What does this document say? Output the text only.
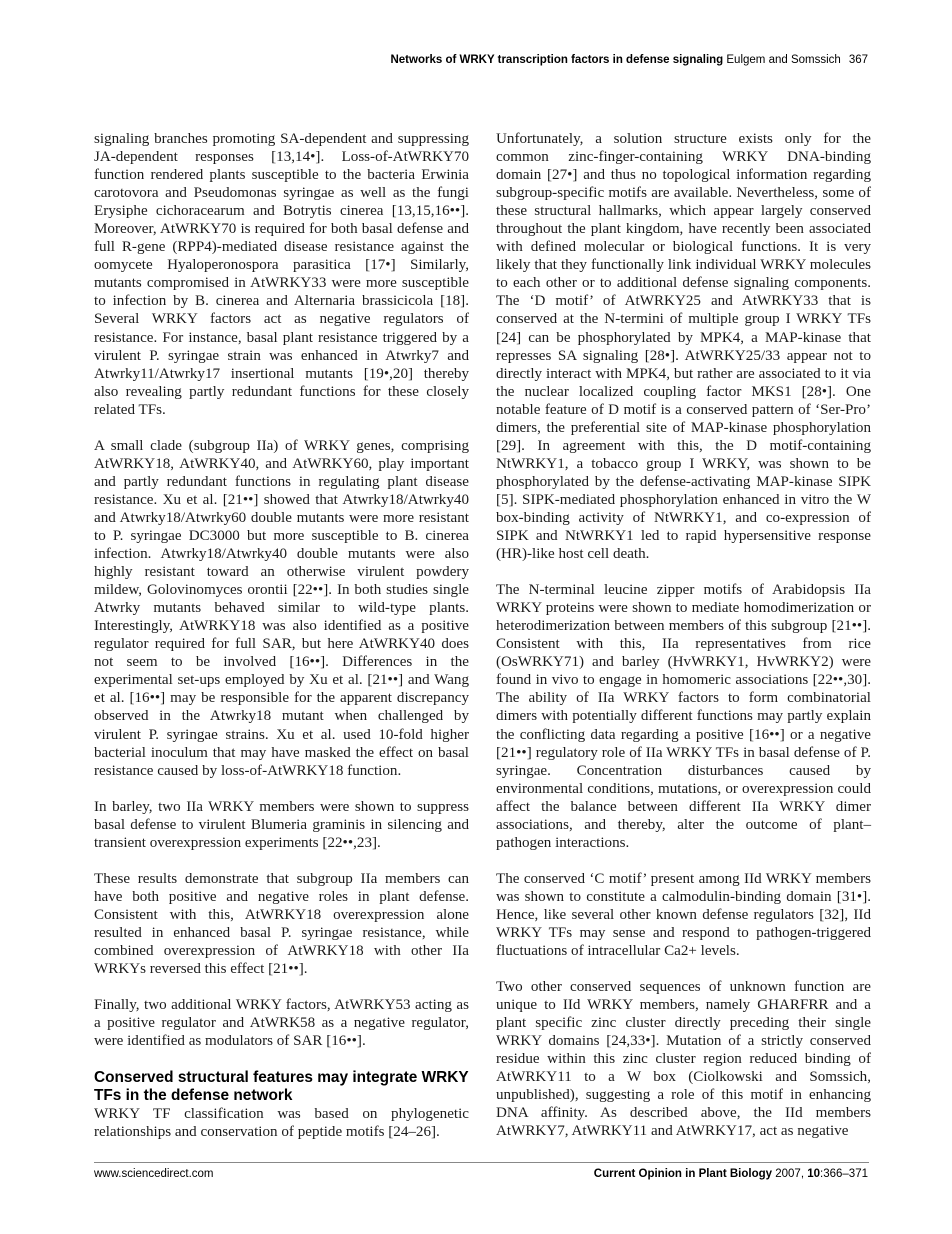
Networks of WRKY transcription factors in defense signaling Eulgem and Somssich 367

signaling branches promoting SA-dependent and suppressing JA-dependent responses [13,14•]. Loss-of-AtWRKY70 function rendered plants susceptible to the bacteria Erwinia carotovora and Pseudomonas syringae as well as the fungi Erysiphe cichoracearum and Botrytis cinerea [13,15,16••]. Moreover, AtWRKY70 is required for both basal defense and full R-gene (RPP4)-mediated disease resistance against the oomycete Hyaloperonospora parasitica [17•] Similarly, mutants compromised in AtWRKY33 were more susceptible to infection by B. cinerea and Alternaria brassicicola [18]. Several WRKY factors act as negative regulators of resistance. For instance, basal plant resistance triggered by a virulent P. syringae strain was enhanced in Atwrky7 and Atwrky11/Atwrky17 insertional mutants [19•,20] thereby also revealing partly redundant functions for these closely related TFs.

A small clade (subgroup IIa) of WRKY genes, comprising AtWRKY18, AtWRKY40, and AtWRKY60, play important and partly redundant functions in regulating plant disease resistance. Xu et al. [21••] showed that Atwrky18/Atwrky40 and Atwrky18/Atwrky60 double mutants were more resistant to P. syringae DC3000 but more susceptible to B. cinerea infection. Atwrky18/Atwrky40 double mutants were also highly resistant toward an otherwise virulent powdery mildew, Golovinomyces orontii [22••]. In both studies single Atwrky mutants behaved similar to wild-type plants. Interestingly, AtWRKY18 was also identified as a positive regulator required for full SAR, but here AtWRKY40 does not seem to be involved [16••]. Differences in the experimental set-ups employed by Xu et al. [21••] and Wang et al. [16••] may be responsible for the apparent discrepancy observed in the Atwrky18 mutant when challenged by virulent P. syringae strains. Xu et al. used 10-fold higher bacterial inoculum that may have masked the effect on basal resistance caused by loss-of-AtWRKY18 function.

In barley, two IIa WRKY members were shown to suppress basal defense to virulent Blumeria graminis in silencing and transient overexpression experiments [22••,23].

These results demonstrate that subgroup IIa members can have both positive and negative roles in plant defense. Consistent with this, AtWRKY18 overexpression alone resulted in enhanced basal P. syringae resistance, while combined overexpression of AtWRKY18 with other IIa WRKYs reversed this effect [21••].

Finally, two additional WRKY factors, AtWRKY53 acting as a positive regulator and AtWRK58 as a negative regulator, were identified as modulators of SAR [16••].

Conserved structural features may integrate WRKY TFs in the defense network

WRKY TF classification was based on phylogenetic relationships and conservation of peptide motifs [24–26].

Unfortunately, a solution structure exists only for the common zinc-finger-containing WRKY DNA-binding domain [27•] and thus no topological information regarding subgroup-specific motifs are available. Nevertheless, some of these structural hallmarks, which appear largely conserved throughout the plant kingdom, have recently been associated with defined molecular or biological functions. It is very likely that they functionally link individual WRKY molecules to each other or to additional defense signaling components. The ‘D motif’ of AtWRKY25 and AtWRKY33 that is conserved at the N-termini of multiple group I WRKY TFs [24] can be phosphorylated by MPK4, a MAP-kinase that represses SA signaling [28•]. AtWRKY25/33 appear not to directly interact with MPK4, but rather are associated to it via the nuclear localized coupling factor MKS1 [28•]. One notable feature of D motif is a conserved pattern of ‘Ser-Pro’ dimers, the preferential site of MAP-kinase phosphorylation [29]. In agreement with this, the D motif-containing NtWRKY1, a tobacco group I WRKY, was shown to be phosphorylated by the defense-activating MAP-kinase SIPK [5]. SIPK-mediated phosphorylation enhanced in vitro the W box-binding activity of NtWRKY1, and co-expression of SIPK and NtWRKY1 led to rapid hypersensitive response (HR)-like host cell death.

The N-terminal leucine zipper motifs of Arabidopsis IIa WRKY proteins were shown to mediate homodimerization or heterodimerization between members of this subgroup [21••]. Consistent with this, IIa representatives from rice (OsWRKY71) and barley (HvWRKY1, HvWRKY2) were found in vivo to engage in homomeric associations [22••,30]. The ability of IIa WRKY factors to form combinatorial dimers with potentially different functions may partly explain the conflicting data regarding a positive [16••] or a negative [21••] regulatory role of IIa WRKY TFs in basal defense of P. syringae. Concentration disturbances caused by environmental conditions, mutations, or overexpression could affect the balance between different IIa WRKY dimer associations, and thereby, alter the outcome of plant–pathogen interactions.

The conserved ‘C motif’ present among IId WRKY members was shown to constitute a calmodulin-binding domain [31•]. Hence, like several other known defense regulators [32], IId WRKY TFs may sense and respond to pathogen-triggered fluctuations of intracellular Ca2+ levels.

Two other conserved sequences of unknown function are unique to IId WRKY members, namely GHARFRR and a plant specific zinc cluster directly preceding their single WRKY domains [24,33•]. Mutation of a strictly conserved residue within this zinc cluster region reduced binding of AtWRKY11 to a W box (Ciolkowski and Somssich, unpublished), suggesting a role of this motif in enhancing DNA affinity. As described above, the IId members AtWRKY7, AtWRKY11 and AtWRKY17, act as negative

www.sciencedirect.com	Current Opinion in Plant Biology 2007, 10:366–371
